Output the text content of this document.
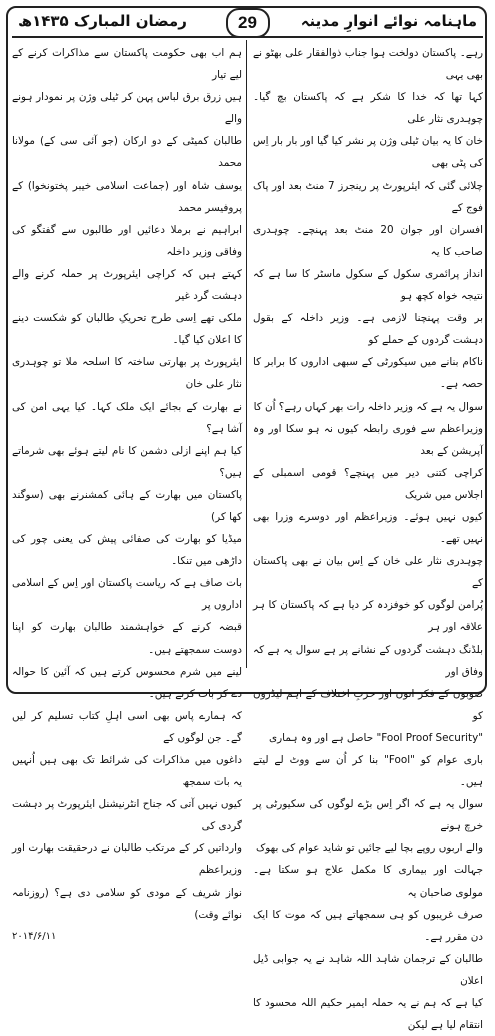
ماہنامہ نوائے انوارِ مدینہ
29
رمضان المبارک ۱۴۳۵ھ

رہے۔ پاکستان دولخت ہوا جناب ذوالفقار علی بھٹو نے بھی یہی

کہا تھا کہ خدا کا شکر ہے کہ پاکستان بچ گیا۔ چوہدری نثار علی

خان کا یہ بیان ٹیلی وژن پر نشر کیا گیا اور بار بار اِس کی پٹی بھی

چلائی گئی کہ ایئرپورٹ پر رینجرز 7 منٹ بعد اور پاک فوج کے

افسران اور جوان 20 منٹ بعد پہنچے۔ چوہدری صاحب کا یہ

انداز پرائمری سکول کے سکول ماسٹر کا سا ہے کہ نتیجہ خواہ کچھ ہو

بر وقت پہنچنا لازمی ہے۔ وزیر داخلہ کے بقول دہشت گردوں کے حملے کو

ناکام بنانے میں سیکورٹی کے سبھی اداروں کا برابر کا حصہ ہے۔

سوال یہ ہے کہ وزیر داخلہ رات بھر کہاں رہے؟ اُن کا

وزیراعظم سے فوری رابطہ کیوں نہ ہو سکا اور وہ آپریشن کے بعد

کراچی کتنی دیر میں پہنچے؟ قومی اسمبلی کے اجلاس میں شریک

کیوں نہیں ہوئے۔ وزیراعظم اور دوسرے وزرا بھی نہیں تھے۔

چوہدری نثار علی خان کے اِس بیان نے بھی پاکستان کے

پُرامن لوگوں کو خوفزدہ کر دیا ہے کہ پاکستان کا ہر علاقہ اور ہر

بلڈنگ دہشت گردوں کے نشانے پر ہے سوال یہ ہے کہ وفاق اور

صوبوں کے فکر انوں اور حزبِ اختلاف کے اہم لیڈروں کو

"Fool Proof Security" حاصل ہے اور وہ ہماری

باری عوام کو "Fool" بنا کر اُن سے ووٹ لے لیتے ہیں۔

سوال یہ ہے کہ اگر اِس بڑے لوگوں کی سکیورٹی پر خرچ ہونے

والے اربوں روپے بچا لیے جائیں تو شاید عوام کی بھوک

جہالت اور بیماری کا مکمل علاج ہو سکتا ہے۔ مولوی صاحبان یہ

صرف غریبوں کو ہی سمجھاتے ہیں کہ موت کا ایک دن مقرر ہے۔

طالبان کے ترجمان شاہد اللہ شاہد نے یہ جوابی ڈیل اعلان

کیا ہے کہ ہم نے یہ حملہ ایمیر حکیم اللہ محسود کا انتقام لیا ہے لیکن

ہم اب بھی حکومت پاکستان سے مذاکرات کرنے کے لیے تیار

ہیں زرق برق لباس پہن کر ٹیلی وژن پر نمودار ہونے والے

طالبان کمیٹی کے دو ارکان (جو آئی سی کے) مولانا محمد

یوسف شاہ اور (جماعت اسلامی خیبر پختونخوا) کے پروفیسر محمد

ابراہیم نے برملا دعائیں اور طالبوں سے گفتگو کی وفاقی وزیر داخلہ

کہتے ہیں کہ کراچی ایئرپورٹ پر حملہ کرنے والے دہشت گرد غیر

ملکی تھے اِسی طرح تحریکِ طالبان کو شکست دینے کا اعلان کیا گیا۔

ایئرپورٹ پر بھارتی ساختہ کا اسلحہ ملا تو چوہدری نثار علی خان

نے بھارت کے بجائے ایک ملک کہا۔ کیا یہی امن کی آشا ہے؟

کیا ہم اپنے ازلی دشمن کا نام لیتے ہوئے بھی شرماتے ہیں؟

پاکستان میں بھارت کے ہائی کمشنرنے بھی (سوگند کھا کر)

میڈیا کو بھارت کی صفائی پیش کی یعنی چور کی داڑھی میں تنکا۔

بات صاف ہے کہ ریاست پاکستان اور اِس کے اسلامی اداروں پر

قبضہ کرنے کے خواہشمند طالبان بھارت کو اپنا دوست سمجھتے ہیں۔

لینے میں شرم محسوس کرتے ہیں کہ آئین کا حوالہ دے کر بات کرتے ہیں۔

کہ ہمارے پاس بھی اسی اہلِ کتاب تسلیم کر لیں گے۔ جن لوگوں کے

داغوں میں مذاکرات کی شرائط تک بھی ہیں اُنہیں یہ بات سمجھ

کیوں نہیں آتی کہ جناح انٹرنیشنل ایئرپورٹ پر دہشت گردی کی

وارداتیں کر کے مرتکب طالبان نے درحقیقت بھارت اور وزیراعظم

نواز شریف کے مودی کو سلامی دی ہے؟ (روزنامہ نوائے وقت)

۲۰۱۴/۶/۱۱
